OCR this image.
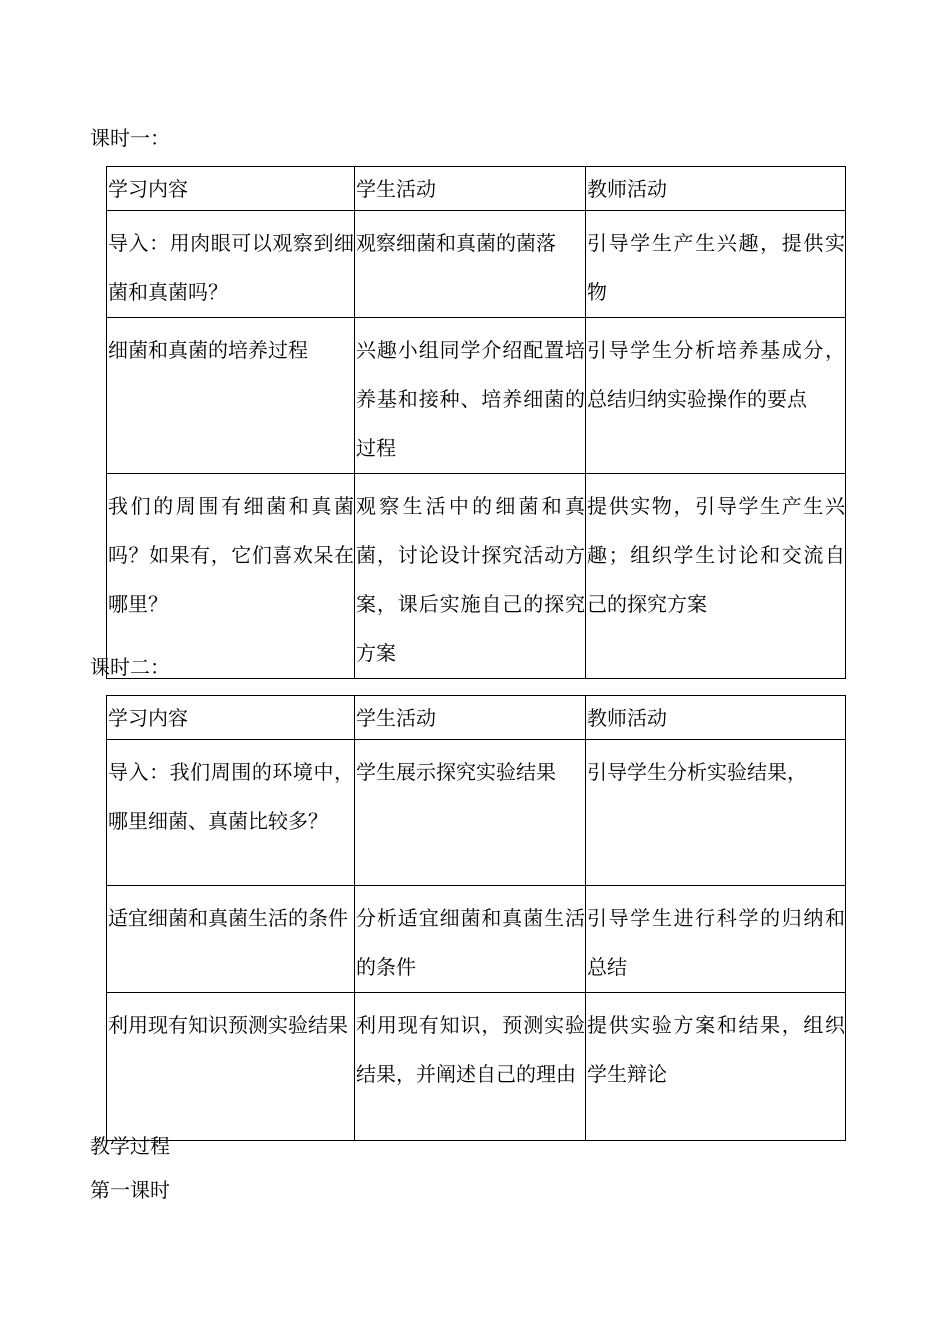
课时一：
学习内容	学生活动	教师活动
导入：用肉眼可以观察到细菌和真菌吗？	观察细菌和真菌的菌落	引导学生产生兴趣，提供实物
细菌和真菌的培养过程	兴趣小组同学介绍配置培养基和接种、培养细菌的过程	引导学生分析培养基成分，总结归纳实验操作的要点
我们的周围有细菌和真菌吗？如果有，它们喜欢呆在哪里？	观察生活中的细菌和真菌，讨论设计探究活动方案，课后实施自己的探究方案	提供实物，引导学生产生兴趣；组织学生讨论和交流自己的探究方案
课时二：
学习内容	学生活动	教师活动
导入：我们周围的环境中，哪里细菌、真菌比较多？	学生展示探究实验结果	引导学生分析实验结果，
适宜细菌和真菌生活的条件	分析适宜细菌和真菌生活的条件	引导学生进行科学的归纳和总结
利用现有知识预测实验结果	利用现有知识，预测实验结果，并阐述自己的理由	提供实验方案和结果，组织学生辩论
教学过程
第一课时
